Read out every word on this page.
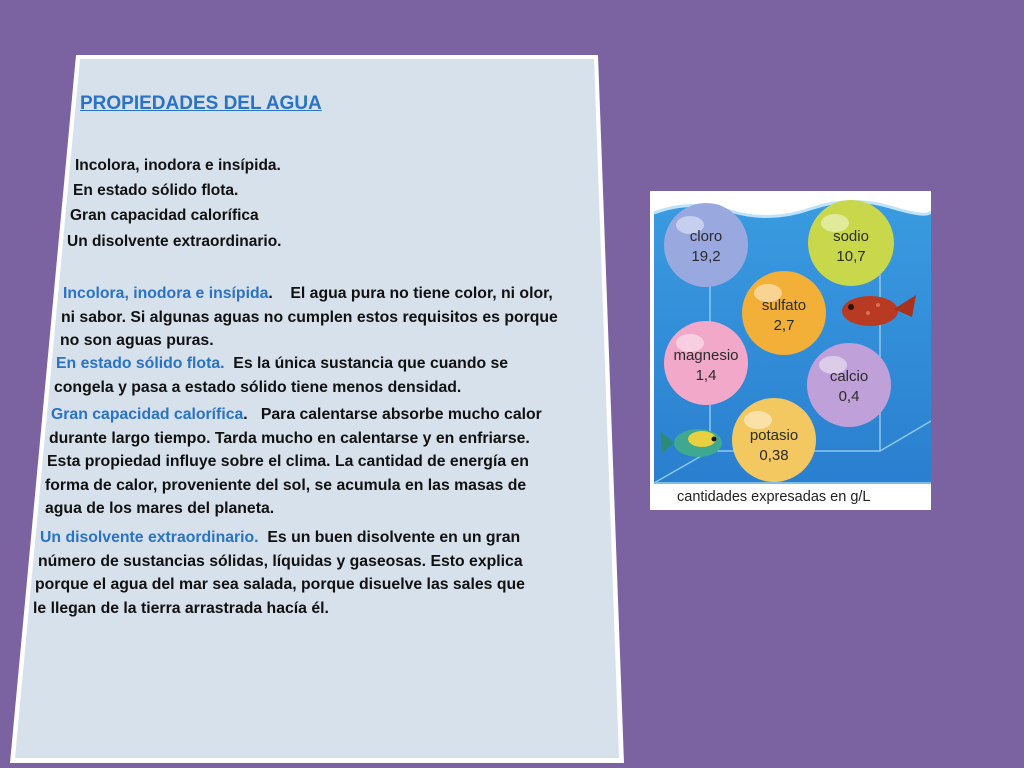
PROPIEDADES DEL AGUA
Incolora, inodora e insípida.
En estado sólido flota.
Gran capacidad calorífica
Un disolvente extraordinario.
Incolora, inodora e insípida. El agua pura no tiene color, ni olor,
ni sabor. Si algunas aguas no cumplen estos requisitos es porque
no son aguas puras.
En estado sólido flota. Es la única sustancia que cuando se
congela y pasa a estado sólido tiene menos densidad.
Gran capacidad calorífica. Para calentarse absorbe mucho calor
durante largo tiempo. Tarda mucho en calentarse y en enfriarse.
Esta propiedad influye sobre el clima. La cantidad de energía en
forma de calor, proveniente del sol, se acumula en las masas de
agua de los mares del planeta.
Un disolvente extraordinario. Es un buen disolvente en un gran
número de sustancias sólidas, líquidas y gaseosas. Esto explica
porque el agua del mar sea salada, porque disuelve las sales que
le llegan de la tierra arrastrada hacía él.
cloro
19,2
sodio
10,7
sulfato
2,7
magnesio
1,4	calcio
0,4
potasio
0,38
cantidades expresadas en g/L
